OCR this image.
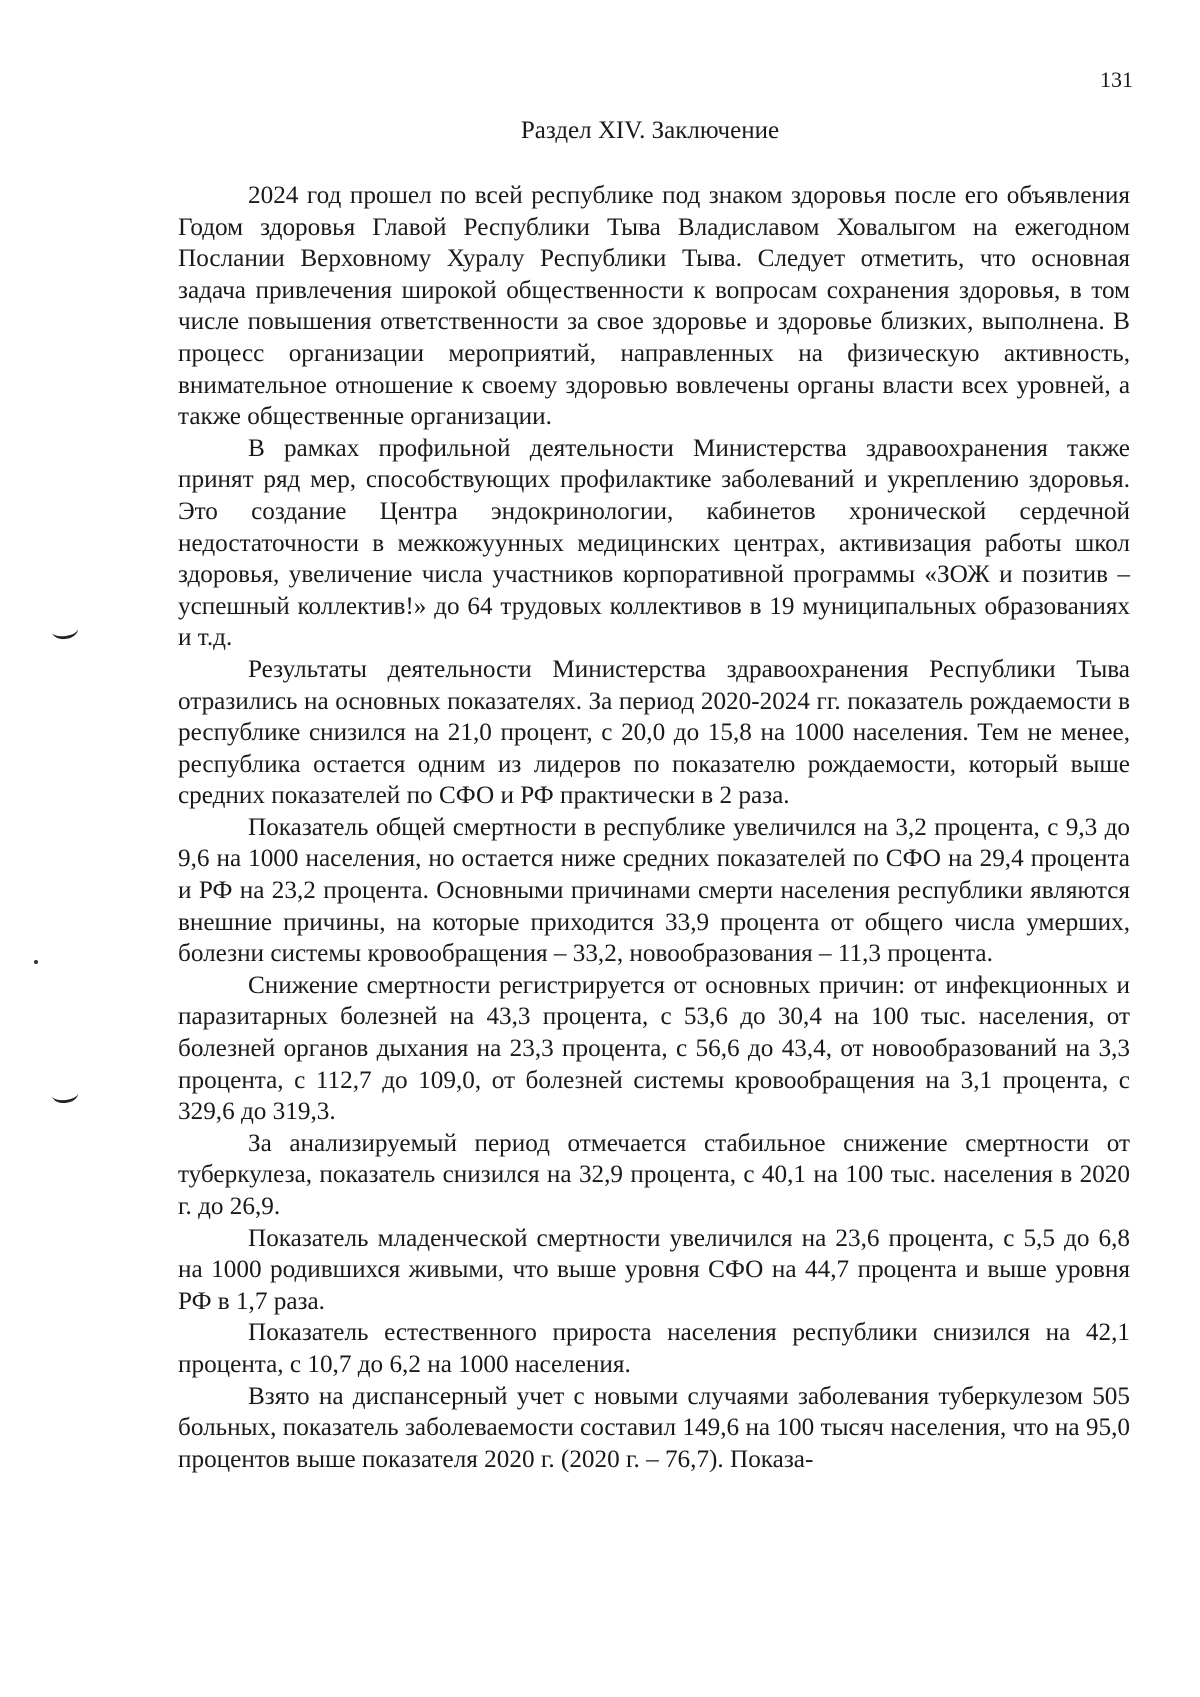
131
Раздел XIV. Заключение

2024 год прошел по всей республике под знаком здоровья после его объявления Годом здоровья Главой Республики Тыва Владиславом Ховалыгом на ежегодном Послании Верховному Хуралу Республики Тыва. Следует отметить, что основная задача привлечения широкой общественности к вопросам сохранения здоровья, в том числе повышения ответственности за свое здоровье и здоровье близких, выполнена. В процесс организации мероприятий, направленных на физическую активность, внимательное отношение к своему здоровью вовлечены органы власти всех уровней, а также общественные организации.

В рамках профильной деятельности Министерства здравоохранения также принят ряд мер, способствующих профилактике заболеваний и укреплению здоровья. Это создание Центра эндокринологии, кабинетов хронической сердечной недостаточности в межкожуунных медицинских центрах, активизация работы школ здоровья, увеличение числа участников корпоративной программы «ЗОЖ и позитив – успешный коллектив!» до 64 трудовых коллективов в 19 муниципальных образованиях и т.д.

Результаты деятельности Министерства здравоохранения Республики Тыва отразились на основных показателях. За период 2020-2024 гг. показатель рождаемости в республике снизился на 21,0 процент, с 20,0 до 15,8 на 1000 населения. Тем не менее, республика остается одним из лидеров по показателю рождаемости, который выше средних показателей по СФО и РФ практически в 2 раза.

Показатель общей смертности в республике увеличился на 3,2 процента, с 9,3 до 9,6 на 1000 населения, но остается ниже средних показателей по СФО на 29,4 процента и РФ на 23,2 процента. Основными причинами смерти населения республики являются внешние причины, на которые приходится 33,9 процента от общего числа умерших, болезни системы кровообращения – 33,2, новообразования – 11,3 процента.

Снижение смертности регистрируется от основных причин: от инфекционных и паразитарных болезней на 43,3 процента, с 53,6 до 30,4 на 100 тыс. населения, от болезней органов дыхания на 23,3 процента, с 56,6 до 43,4, от новообразований на 3,3 процента, с 112,7 до 109,0, от болезней системы кровообращения на 3,1 процента, с 329,6 до 319,3.

За анализируемый период отмечается стабильное снижение смертности от туберкулеза, показатель снизился на 32,9 процента, с 40,1 на 100 тыс. населения в 2020 г. до 26,9.

Показатель младенческой смертности увеличился на 23,6 процента, с 5,5 до 6,8 на 1000 родившихся живыми, что выше уровня СФО на 44,7 процента и выше уровня РФ в 1,7 раза.

Показатель естественного прироста населения республики снизился на 42,1 процента, с 10,7 до 6,2 на 1000 населения.

Взято на диспансерный учет с новыми случаями заболевания туберкулезом 505 больных, показатель заболеваемости составил 149,6 на 100 тысяч населения, что на 95,0 процентов выше показателя 2020 г. (2020 г. – 76,7). Показа-
